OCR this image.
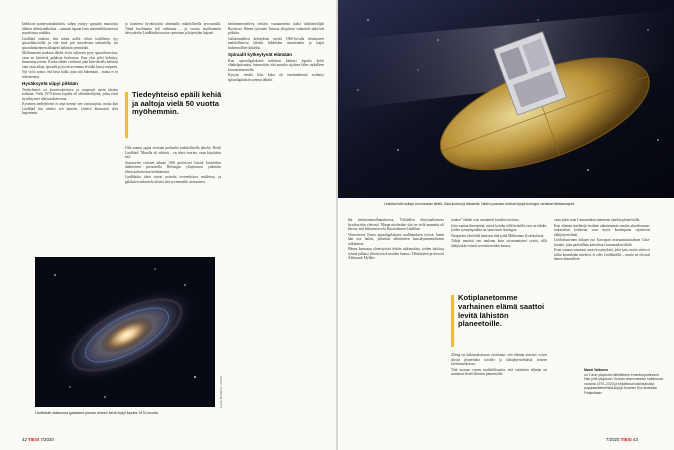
kiekkoon painovoimahäiriön, siihen syntyy spiraalin muotoisia tähtien tihentymäkohtia – samaan tapaan kuin maantieliikenteessä muodostuu ruuhkia.

Lindblad otaksui, että nämä aallot olivat todellinen syy spiraalikuvioille ja että niitä piti muodostaa tarkastella, jos spiraalirakenteen alkuperä haluttiin ymmärtää.

Mallinnusten mukaan tähdet eivät valtaosin pysy spiraalivarsissa, vaan ne kiertävät galaksin keskustaa. Kun yksi pilvi kehittyy, ilmaantuu toinen. Koska tähdet virittävät joka kierroksella kehässä vain osan aikaa, spiraalit pysyvät avoimina eivätkä kierry umpeen.

Nyt voisi sanoa, että hissi kulki, auta sitä lukemaan – mutta ei se niin mennyt.

Hyväksyntä viipyi pitkään

Tiedeyhteisö on konservatiivinen ja suopeasti uusia ideoita kohtaan. Vielä 1970-luvun lopulla oli tähtitieteilijöitä, jotka eivät hyväksyneet tiheysaaltoteoriaa.

Kyseinen tiedeyhteisö ei aina tiennyt sen vastustajista, mutta kun Lindblad itse nimesi sen nimeen, yhteisö kiinnostui siitä laajemmin.

ja luonteesi hyväksyttiin alimmalla mahdollisella arvosanalla. Tämä huolimatta tuli vaihtuma – ja vuosia myöhemmin kävyntäviin Lindbladin teoriaa opetetaan ja käytetään laajasti.

Tiedeyhteisö epäili kehiä ja aaltoja vielä 50 vuotta myöhemmin.

Olin saanut oppia teoriaan perhaalta mahdollisella taholta. Bertil Lindblad: 'Minulla oli tehtävä – en tekisi teoriaa, vaan käyttäisin sitä'.

Seuraavien vuosien aikana 1963 professori Gustaf Järnefeltin tähtitieteen perusteella Helsingin yliopistossa jatkettiin tiheysaaltoteorian kehittämistä.

Lindbladin ideat saivat nostetta teoreettisissa malleissa, ja galaksien tarkastelu ulottui yhä syvemmälle avaruuteen.

kentämmeutteleva erittäin vastaanotettu kaksi tähtitieteilijää Ruotsissa. Hänen työssään Turussa yliopiston vaikutteet näkyivät pitkään.

Galaksimallien kehityksen myötä 1960-luvulla tietokoneet mahdollistivat tähtien liikkeiden simuloinnin ja laajat laskennalliset kokeilut.

Spiraalit kytkeytyvät elämään

Kun spiraaligalaksien tutkimus kääntyi lopulta kohti elinkelpoisuutta, huomattiin, että aurinko sijaitsee lähes tarkalleen korotaatioasteella.

Kysyin, tiesikö hän, kuka oli ensimmäisenä esittänyt spiraaligalaksin synnyn tähtiin.

Kuvat: Bill Mather / NASA
Lindbladin otaksuma galaksien pinnan aineen kehä löytyi lopulta 1970-luvulla.
42 TIESI 7/2020
Lindblad tutki sellaja Linnunradan tähtiä, Gaia-luotain ja mittareita. Niiden joukosta voisivat löytyä Auringon varhaiset tähtiasuapurit.

ikä tietokonemallinnuksessa. Vähitellen tiheysaaltoteoria hyväksyttiin yleisesti. Minun mielestäni yhä on vielä ammutta oli kertoa, että keksinnön teki Ruotsalainen Lindblad.

Viimeisessä Turun spiraaligalaksien mallinnuksen työssä, kuten hän itse halusi, jatkettiin tähtitieteen kuusikymmentäluvun tutkimusta.

Hänen kanssaan yhteistyössä tehtiin tutkimuksia, joiden tuloksia ryhmä julkaisi yhteistyössä muiden kanssa. Tähtitieteen professori Aleksandr Mylläri.

joukon" tähdet ovat saattaneet kuuden toisiinsa.

Joka saattaa ilmenettää, missä kohdin tällä hetkellä ovat ne tähdet, joiden synnyinpaikka on sama kuin Auringon.

Naapurien yhteisillä kantavat tätä työtä Mikkomaa Jyväskylässä.

Tähtiä muuttui sen mukana kuin sivusuuntaiset syistä, sillä tähtijoukko toimii sen mittareiden kanssa.

Kotiplanetomme varhainen elämä saattoi levitä lähistön planeetoille.

Zheng on tutkimuksissaan osoittanut, että elämän aineiset voivat siirtyä planeetalta toiselle ja tähtijärjestelmästä toiseen kivenmurikoissa.

Tätä tuotaan vasten mahdollisuutta, että varhaisen elämän on saattanut levitä lähistön planeetoille.

vaan jokin muu Linnunradan sammeen ainekin planeetoilla.

Kun elämän merkkejä etsitään aikaisemmin omalta alueeltamme, tarkastelun kohteena ovat myös kauempana sijaitsevat tähtijärjestelmät.

Lindvalasteinen aukaan tuo Euroopan avaruustukimuksen Gaia-luotain, joka parhaillaan kartoittaa Linnunradan tähtiä.

Esim vanaan varmasti uusia kysymyksiä, joita sata vuotta sitten ei tullut kenenkään mieleen, ei edes Lindbladille – mutta ne olisivat hänen ihmetelleet.

Mauri Valtonen
on Turun yliopiston tähtitieteen emeritusprofessori. Hän johti yliopiston Tuorlan observatorion tutkimusta vuosina 1970–2020 ja kirjoittanut tutkimuksista populaaritieteellisiä kirjoja Suomen Ecc-teoksiksi Finlandiaan.
7/2020 TIESI 43
